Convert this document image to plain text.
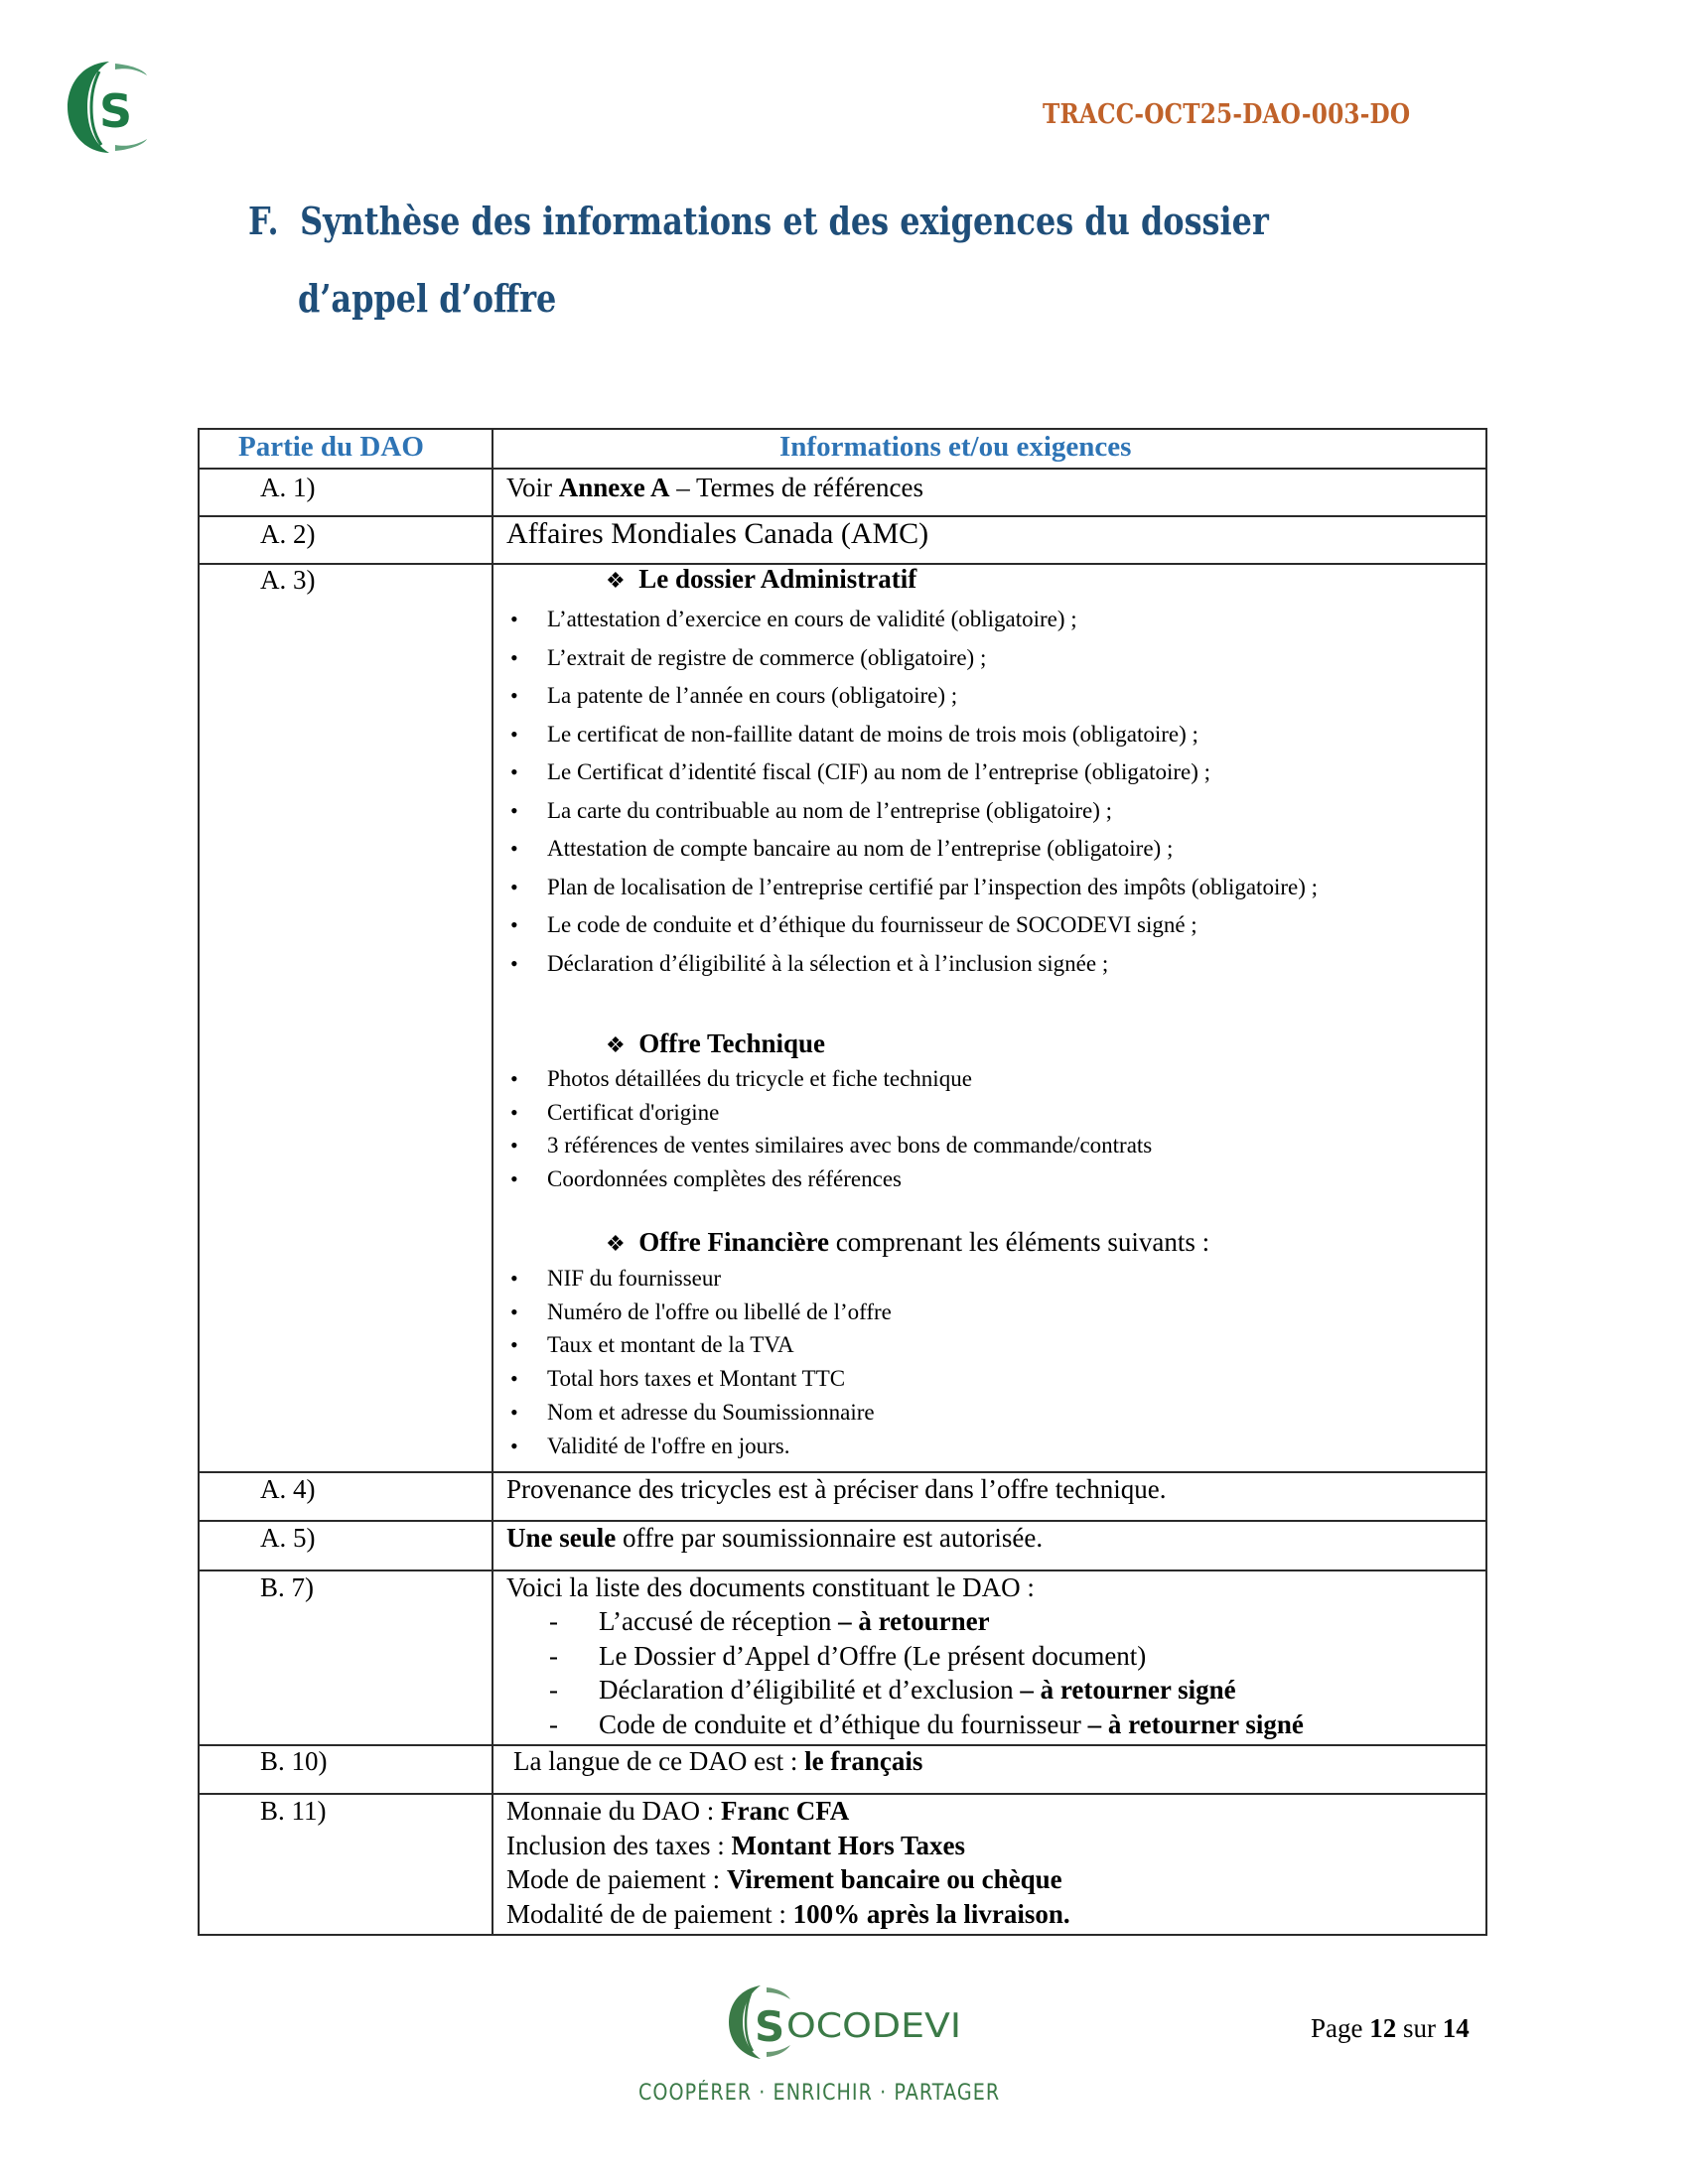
S	TRACC-OCT25-DAO-003-DO
F. Synthèse des informations et des exigences du dossier
d’appel d’offre
Partie du DAO	Informations et/ou exigences
A. 1)	Voir Annexe A – Termes de références
A. 2)	Affaires Mondiales Canada (AMC)
A. 3)	❖ Le dossier Administratif
• L’attestation d’exercice en cours de validité (obligatoire) ;
• L’extrait de registre de commerce (obligatoire) ;
• La patente de l’année en cours (obligatoire) ;
• Le certificat de non-faillite datant de moins de trois mois (obligatoire) ;
• Le Certificat d’identité fiscal (CIF) au nom de l’entreprise (obligatoire) ;
• La carte du contribuable au nom de l’entreprise (obligatoire) ;
• Attestation de compte bancaire au nom de l’entreprise (obligatoire) ;
• Plan de localisation de l’entreprise certifié par l’inspection des impôts (obligatoire) ;
• Le code de conduite et d’éthique du fournisseur de SOCODEVI signé ;
• Déclaration d’éligibilité à la sélection et à l’inclusion signée ;
❖ Offre Technique
• Photos détaillées du tricycle et fiche technique
• Certificat d'origine
• 3 références de ventes similaires avec bons de commande/contrats
• Coordonnées complètes des références
❖ Offre Financière comprenant les éléments suivants :
• NIF du fournisseur
• Numéro de l'offre ou libellé de l’offre
• Taux et montant de la TVA
• Total hors taxes et Montant TTC
• Nom et adresse du Soumissionnaire
• Validité de l'offre en jours.
A. 4)	Provenance des tricycles est à préciser dans l’offre technique.
A. 5)	Une seule offre par soumissionnaire est autorisée.
B. 7)	Voici la liste des documents constituant le DAO :
- L’accusé de réception – à retourner
- Le Dossier d’Appel d’Offre (Le présent document)
- Déclaration d’éligibilité et d’exclusion – à retourner signé
- Code de conduite et d’éthique du fournisseur – à retourner signé
B. 10)	La langue de ce DAO est : le français
B. 11)	Monnaie du DAO : Franc CFA
Inclusion des taxes : Montant Hors Taxes
Mode de paiement : Virement bancaire ou chèque
Modalité de de paiement : 100% après la livraison.
S OCODEVI
COOPÉRER · ENRICHIR · PARTAGER
Page 12 sur 14
